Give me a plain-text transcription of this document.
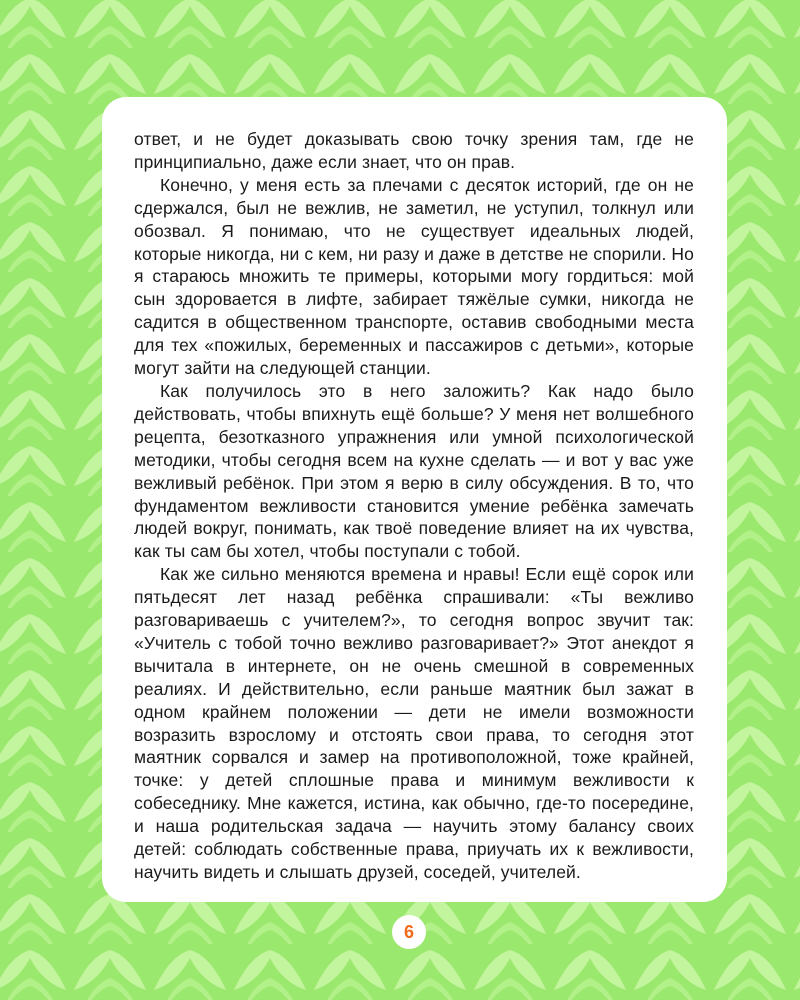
ответ, и не будет доказывать свою точку зрения там, где не принципиально, даже если знает, что он прав.

Конечно, у меня есть за плечами с десяток историй, где он не сдержался, был не вежлив, не заметил, не уступил, толкнул или обозвал. Я понимаю, что не существует идеальных людей, которые никогда, ни с кем, ни разу и даже в детстве не спорили. Но я стараюсь множить те примеры, которыми могу гордиться: мой сын здоровается в лифте, забирает тяжёлые сумки, никогда не садится в общественном транспорте, оставив свободными места для тех «пожилых, беременных и пассажиров с детьми», которые могут зайти на следующей станции.

Как получилось это в него заложить? Как надо было действовать, чтобы впихнуть ещё больше? У меня нет волшебного рецепта, безотказного упражнения или умной психологической методики, чтобы сегодня всем на кухне сделать — и вот у вас уже вежливый ребёнок. При этом я верю в силу обсуждения. В то, что фундаментом вежливости становится умение ребёнка замечать людей вокруг, понимать, как твоё поведение влияет на их чувства, как ты сам бы хотел, чтобы поступали с тобой.

Как же сильно меняются времена и нравы! Если ещё сорок или пятьдесят лет назад ребёнка спрашивали: «Ты вежливо разговариваешь с учителем?», то сегодня вопрос звучит так: «Учитель с тобой точно вежливо разговаривает?» Этот анекдот я вычитала в интернете, он не очень смешной в современных реалиях. И действительно, если раньше маятник был зажат в одном крайнем положении — дети не имели возможности возразить взрослому и отстоять свои права, то сегодня этот маятник сорвался и замер на противоположной, тоже крайней, точке: у детей сплошные права и минимум вежливости к собеседнику. Мне кажется, истина, как обычно, где-то посередине, и наша родительская задача — научить этому балансу своих детей: соблюдать собственные права, приучать их к вежливости, научить видеть и слышать друзей, соседей, учителей.

6
